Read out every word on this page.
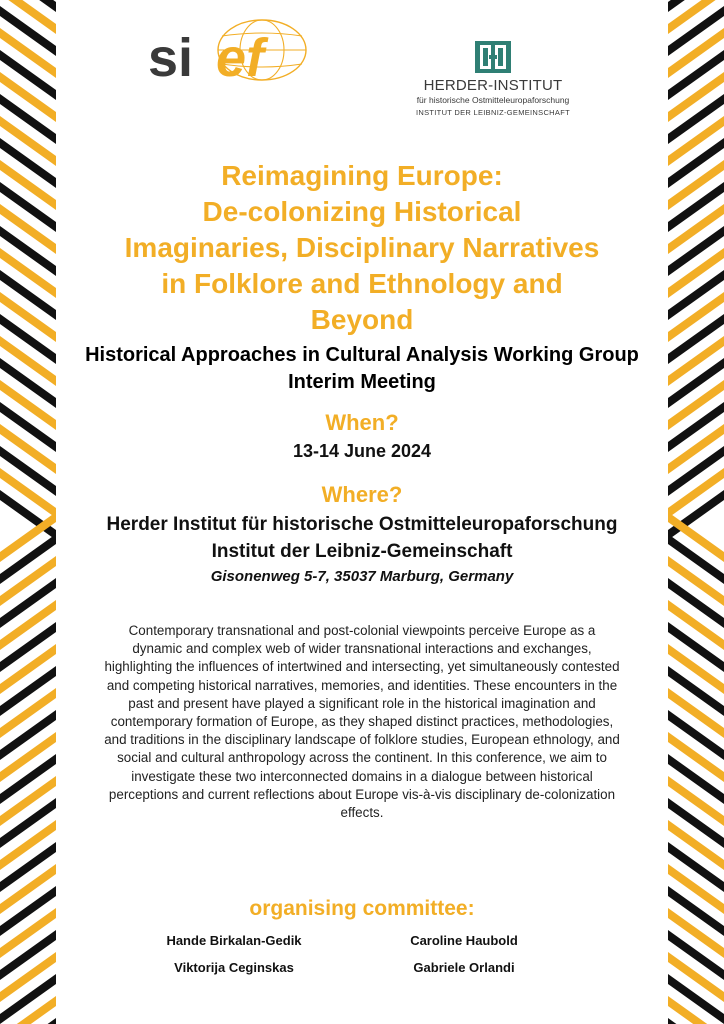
si ef	HERDER-INSTITUT
für historische Ostmitteleuropaforschung
INSTITUT DER LEIBNIZ-GEMEINSCHAFT
Reimagining Europe:
De-colonizing Historical
Imaginaries, Disciplinary Narratives
in Folklore and Ethnology and
Beyond
Historical Approaches in Cultural Analysis Working Group
Interim Meeting
When?
13-14 June 2024
Where?
Herder Institut für historische Ostmitteleuropaforschung
Institut der Leibniz-Gemeinschaft
Gisonenweg 5-7, 35037 Marburg, Germany
Contemporary transnational and post-colonial viewpoints perceive Europe as a dynamic and complex web of wider transnational interactions and exchanges, highlighting the influences of intertwined and intersecting, yet simultaneously contested and competing historical narratives, memories, and identities. These encounters in the past and present have played a significant role in the historical imagination and contemporary formation of Europe, as they shaped distinct practices, methodologies, and traditions in the disciplinary landscape of folklore studies, European ethnology, and social and cultural anthropology across the continent. In this conference, we aim to investigate these two interconnected domains in a dialogue between historical perceptions and current reflections about Europe vis-à-vis disciplinary de-colonization effects.
organising committee:
Hande Birkalan-Gedik	Caroline Haubold
Viktorija Ceginskas	Gabriele Orlandi
